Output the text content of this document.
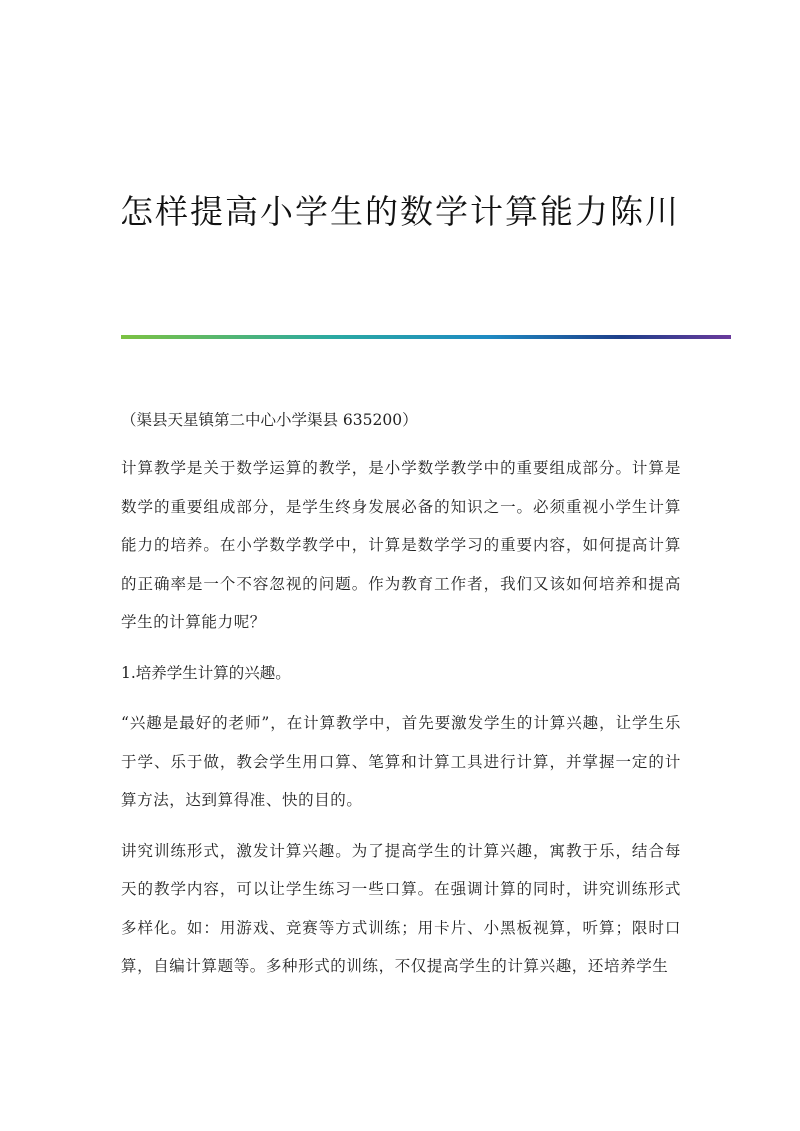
怎样提高小学生的数学计算能力陈川

（渠县天星镇第二中心小学渠县 635200）

计算教学是关于数学运算的教学，是小学数学教学中的重要组成部分。计算是数学的重要组成部分，是学生终身发展必备的知识之一。必须重视小学生计算能力的培养。在小学数学教学中，计算是数学学习的重要内容，如何提高计算的正确率是一个不容忽视的问题。作为教育工作者，我们又该如何培养和提高学生的计算能力呢？

1.培养学生计算的兴趣。

“兴趣是最好的老师”，在计算教学中，首先要激发学生的计算兴趣，让学生乐于学、乐于做，教会学生用口算、笔算和计算工具进行计算，并掌握一定的计算方法，达到算得准、快的目的。

讲究训练形式，激发计算兴趣。为了提高学生的计算兴趣，寓教于乐，结合每天的教学内容，可以让学生练习一些口算。在强调计算的同时，讲究训练形式多样化。如：用游戏、竞赛等方式训练；用卡片、小黑板视算，听算；限时口算，自编计算题等。多种形式的训练，不仅提高学生的计算兴趣，还培养学生
